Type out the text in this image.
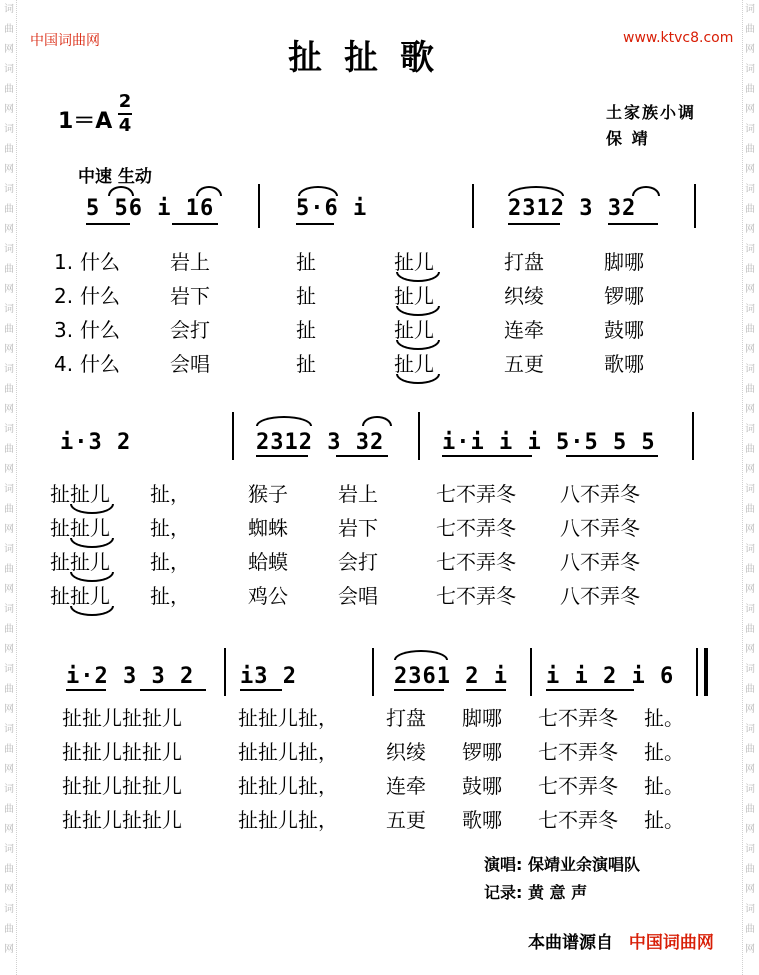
词
曲
网
词
曲
网
词
曲
网
词
曲
网
词
曲
网
词
曲
网
词
曲
网
词
曲
网
词
曲
网
词
曲
网
词
曲
网
词
曲
网
词
曲
网
词
曲
网
词
曲
网
词
曲
网
词
曲
网
词
曲
网
词
曲
网
词
曲
网
词
曲
网
词
曲
网
词
曲
网
词
曲
网
词
曲
网
词
曲
网
词
曲
网
词
曲
网
词
曲
网
词
曲
网
词
曲
网
词
曲
网
中国词曲网	www.ktvc8.com
扯扯歌
1＝A
2
4
土家族小调
保 靖
中速 生动
5 56 i 16	5·6 i	2312 3 32
1. 什么	岩上	扯	扯儿	打盘	脚哪
2. 什么	岩下	扯	扯儿	织绫	锣哪
3. 什么	会打	扯	扯儿	连牵	鼓哪
4. 什么	会唱	扯	扯儿	五更	歌哪
i·3 2	2312 3 32	i·i i i 5·5 5 5
扯扯儿 扯，	猴子	岩上	七不弄冬 八不弄冬
扯扯儿 扯，	蜘蛛	岩下	七不弄冬 八不弄冬
扯扯儿 扯，	蛤蟆	会打	七不弄冬 八不弄冬
扯扯儿 扯，	鸡公	会唱	七不弄冬 八不弄冬
i·2 3 3 2 i3 2	2361 2 i i i 2 i 6
扯扯儿扯扯儿	扯扯儿扯， 打盘 脚哪 七不弄冬 扯。
扯扯儿扯扯儿	扯扯儿扯， 织绫 锣哪 七不弄冬 扯。
扯扯儿扯扯儿	扯扯儿扯， 连牵 鼓哪 七不弄冬 扯。
扯扯儿扯扯儿	扯扯儿扯， 五更 歌哪 七不弄冬 扯。
演唱: 保靖业余演唱队
记录: 黄 意 声
本曲谱源自 中国词曲网
